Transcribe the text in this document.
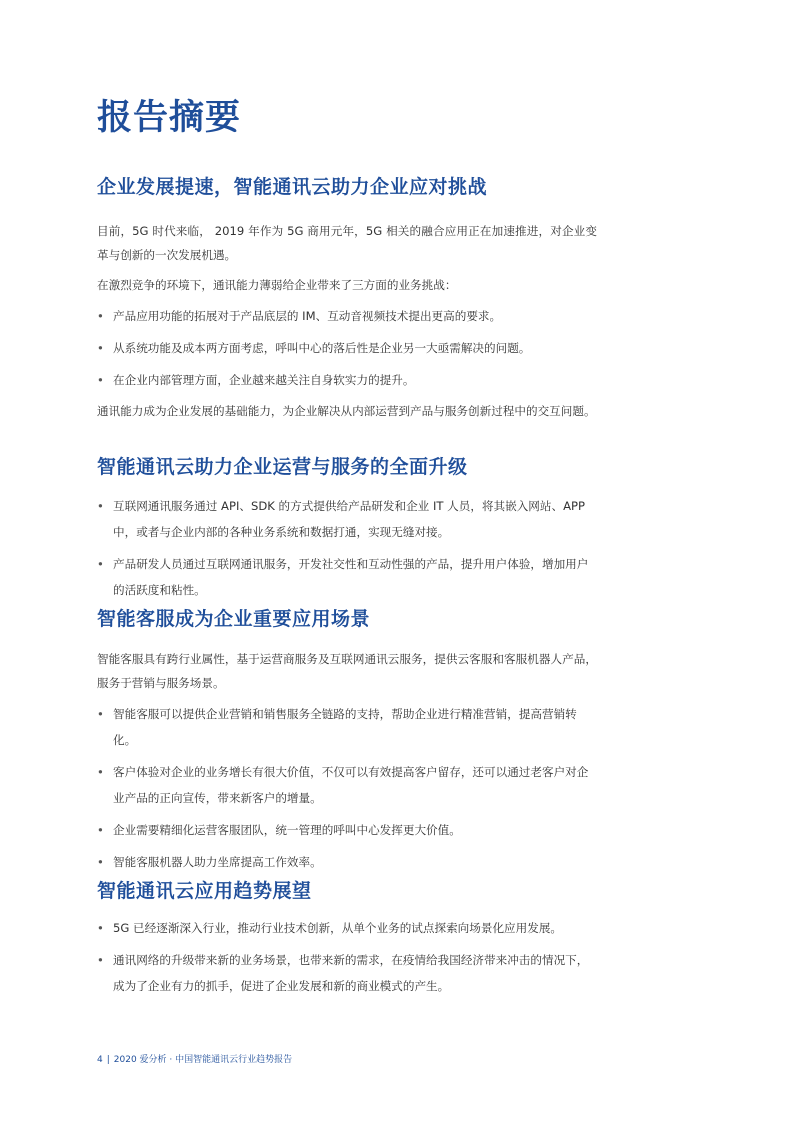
报告摘要
企业发展提速，智能通讯云助力企业应对挑战

目前，5G 时代来临， 2019 年作为 5G 商用元年，5G 相关的融合应用正在加速推进，对企业变革与创新的一次发展机遇。

在激烈竞争的环境下，通讯能力薄弱给企业带来了三方面的业务挑战：

• 产品应用功能的拓展对于产品底层的 IM、互动音视频技术提出更高的要求。

• 从系统功能及成本两方面考虑，呼叫中心的落后性是企业另一大亟需解决的问题。

• 在企业内部管理方面，企业越来越关注自身软实力的提升。

通讯能力成为企业发展的基础能力，为企业解决从内部运营到产品与服务创新过程中的交互问题。

智能通讯云助力企业运营与服务的全面升级

• 互联网通讯服务通过 API、SDK 的方式提供给产品研发和企业 IT 人员，将其嵌入网站、APP 中，或者与企业内部的各种业务系统和数据打通，实现无缝对接。

• 产品研发人员通过互联网通讯服务，开发社交性和互动性强的产品，提升用户体验，增加用户的活跃度和粘性。

智能客服成为企业重要应用场景

智能客服具有跨行业属性，基于运营商服务及互联网通讯云服务，提供云客服和客服机器人产品，服务于营销与服务场景。

• 智能客服可以提供企业营销和销售服务全链路的支持，帮助企业进行精准营销，提高营销转化。

• 客户体验对企业的业务增长有很大价值，不仅可以有效提高客户留存，还可以通过老客户对企业产品的正向宣传，带来新客户的增量。

• 企业需要精细化运营客服团队，统一管理的呼叫中心发挥更大价值。

• 智能客服机器人助力坐席提高工作效率。

智能通讯云应用趋势展望

• 5G 已经逐渐深入行业，推动行业技术创新，从单个业务的试点探索向场景化应用发展。

• 通讯网络的升级带来新的业务场景，也带来新的需求，在疫情给我国经济带来冲击的情况下，成为了企业有力的抓手，促进了企业发展和新的商业模式的产生。

4 | 2020 爱分析 · 中国智能通讯云行业趋势报告
